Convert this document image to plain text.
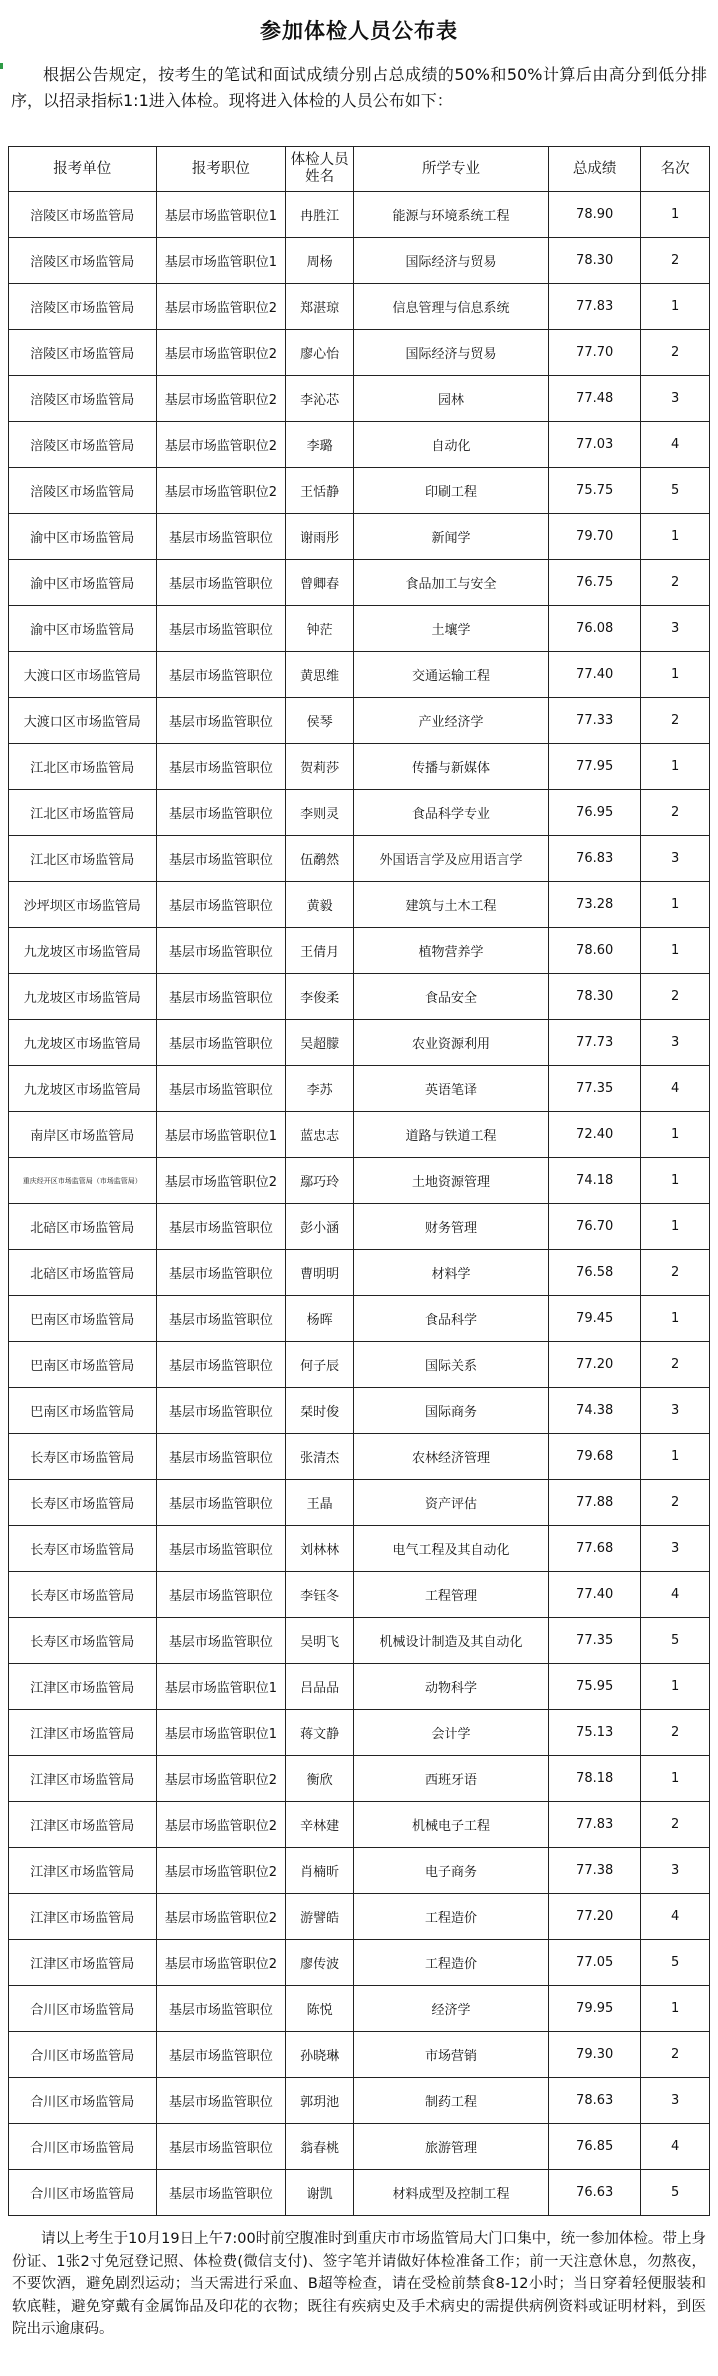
参加体检人员公布表
根据公告规定，按考生的笔试和面试成绩分别占总成绩的50%和50%计算后由高分到低分排序，以招录指标1:1进入体检。现将进入体检的人员公布如下：
报考单位	报考职位	体检人员姓名	所学专业	总成绩	名次
涪陵区市场监管局	基层市场监管职位1	冉胜江	能源与环境系统工程	78.90	1
涪陵区市场监管局	基层市场监管职位1	周杨	国际经济与贸易	78.30	2
涪陵区市场监管局	基层市场监管职位2	郑湛琼	信息管理与信息系统	77.83	1
涪陵区市场监管局	基层市场监管职位2	廖心怡	国际经济与贸易	77.70	2
涪陵区市场监管局	基层市场监管职位2	李沁芯	园林	77.48	3
涪陵区市场监管局	基层市场监管职位2	李璐	自动化	77.03	4
涪陵区市场监管局	基层市场监管职位2	王恬静	印刷工程	75.75	5
渝中区市场监管局	基层市场监管职位	谢雨彤	新闻学	79.70	1
渝中区市场监管局	基层市场监管职位	曾卿春	食品加工与安全	76.75	2
渝中区市场监管局	基层市场监管职位	钟茫	土壤学	76.08	3
大渡口区市场监管局	基层市场监管职位	黄思维	交通运输工程	77.40	1
大渡口区市场监管局	基层市场监管职位	侯琴	产业经济学	77.33	2
江北区市场监管局	基层市场监管职位	贺莉莎	传播与新媒体	77.95	1
江北区市场监管局	基层市场监管职位	李则灵	食品科学专业	76.95	2
江北区市场监管局	基层市场监管职位	伍鹬然	外国语言学及应用语言学	76.83	3
沙坪坝区市场监管局	基层市场监管职位	黄毅	建筑与土木工程	73.28	1
九龙坡区市场监管局	基层市场监管职位	王倩月	植物营养学	78.60	1
九龙坡区市场监管局	基层市场监管职位	李俊柔	食品安全	78.30	2
九龙坡区市场监管局	基层市场监管职位	吴超朦	农业资源利用	77.73	3
九龙坡区市场监管局	基层市场监管职位	李苏	英语笔译	77.35	4
南岸区市场监管局	基层市场监管职位1	蓝忠志	道路与铁道工程	72.40	1
重庆经开区市场监管局（市场监管局）	基层市场监管职位2	鄢巧玲	土地资源管理	74.18	1
北碚区市场监管局	基层市场监管职位	彭小涵	财务管理	76.70	1
北碚区市场监管局	基层市场监管职位	曹明明	材料学	76.58	2
巴南区市场监管局	基层市场监管职位	杨晖	食品科学	79.45	1
巴南区市场监管局	基层市场监管职位	何子辰	国际关系	77.20	2
巴南区市场监管局	基层市场监管职位	栞时俊	国际商务	74.38	3
长寿区市场监管局	基层市场监管职位	张清杰	农林经济管理	79.68	1
长寿区市场监管局	基层市场监管职位	王晶	资产评估	77.88	2
长寿区市场监管局	基层市场监管职位	刘林林	电气工程及其自动化	77.68	3
长寿区市场监管局	基层市场监管职位	李钰冬	工程管理	77.40	4
长寿区市场监管局	基层市场监管职位	吴明飞	机械设计制造及其自动化	77.35	5
江津区市场监管局	基层市场监管职位1	吕品品	动物科学	75.95	1
江津区市场监管局	基层市场监管职位1	蒋文静	会计学	75.13	2
江津区市场监管局	基层市场监管职位2	衡欣	西班牙语	78.18	1
江津区市场监管局	基层市场监管职位2	辛林建	机械电子工程	77.83	2
江津区市场监管局	基层市场监管职位2	肖楠昕	电子商务	77.38	3
江津区市场监管局	基层市场监管职位2	游譬皓	工程造价	77.20	4
江津区市场监管局	基层市场监管职位2	廖传波	工程造价	77.05	5
合川区市场监管局	基层市场监管职位	陈悦	经济学	79.95	1
合川区市场监管局	基层市场监管职位	孙晓琳	市场营销	79.30	2
合川区市场监管局	基层市场监管职位	郭玥池	制药工程	78.63	3
合川区市场监管局	基层市场监管职位	翁春桃	旅游管理	76.85	4
合川区市场监管局	基层市场监管职位	谢凯	材料成型及控制工程	76.63	5
请以上考生于10月19日上午7:00时前空腹准时到重庆市市场监管局大门口集中，统一参加体检。带上身份证、1张2寸免冠登记照、体检费(微信支付)、签字笔并请做好体检准备工作；前一天注意休息，勿熬夜，不要饮酒，避免剧烈运动；当天需进行采血、B超等检查，请在受检前禁食8-12小时；当日穿着轻便服装和软底鞋，避免穿戴有金属饰品及印花的衣物；既往有疾病史及手术病史的需提供病例资料或证明材料，到医院出示逾康码。
